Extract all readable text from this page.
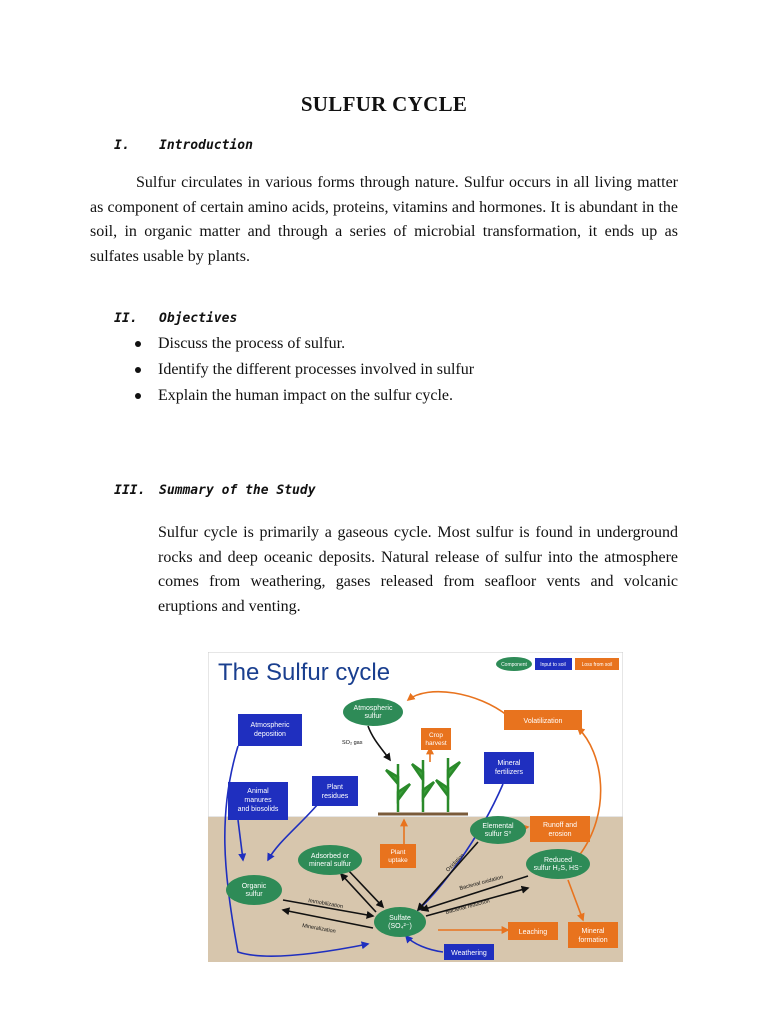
SULFUR CYCLE
I. Introduction
Sulfur circulates in various forms through nature. Sulfur occurs in all living matter as component of certain amino acids, proteins, vitamins and hormones. It is abundant in the soil, in organic matter and through a series of microbial transformation, it ends up as sulfates usable by plants.
II. Objectives
Discuss the process of sulfur.
Identify the different processes involved in sulfur
Explain the human impact on the sulfur cycle.
III. Summary of the Study
Sulfur cycle is primarily a gaseous cycle. Most sulfur is found in underground rocks and deep oceanic deposits. Natural release of sulfur into the atmosphere comes from weathering, gases released from seafloor vents and volcanic eruptions and venting.
The Sulfur cycle	Component	Input to soil	Loss from soil
Atmospheric
sulfur
Elemental
sulfur S⁰
Adsorbed or
mineral sulfur
Organic
sulfur
Sulfate
(SO₄²⁻)
Reduced
sulfur H₂S, HS⁻
Atmospheric
deposition
Plant
residues
Animal
manures
and biosolids
Mineral
fertilizers
Weathering
Volatilization
Crop
harvest
Runoff and
erosion
Plant
uptake
Leaching	Mineral
formation
SO₂ gas
Immobilization
Mineralization
Oxidation
Bacterial oxidation
Bacterial reduction
